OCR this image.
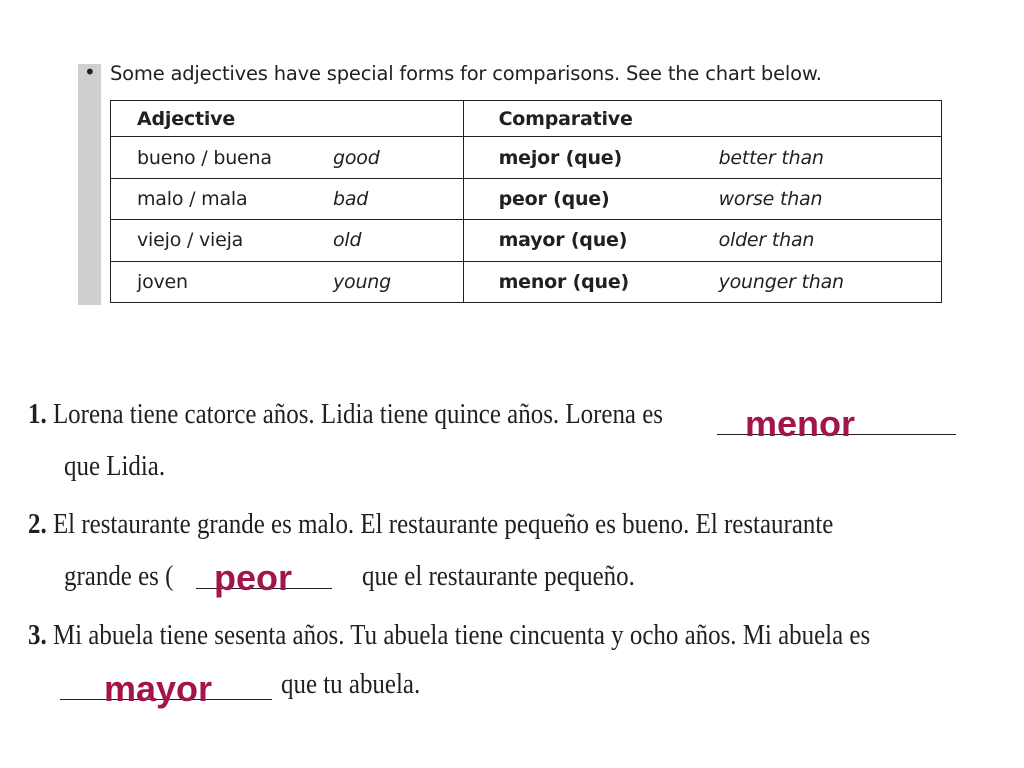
• Some adjectives have special forms for comparisons. See the chart below.
Adjective	Comparative
bueno / buena good	mejor (que) better than
malo / mala bad	peor (que) worse than
viejo / vieja old	mayor (que) older than
joven young	menor (que) younger than
1. Lorena tiene catorce años. Lidia tiene quince años. Lorena es menor
que Lidia.
2. El restaurante grande es malo. El restaurante pequeño es bueno. El restaurante
grande es ( peor que el restaurante pequeño.
3. Mi abuela tiene sesenta años. Tu abuela tiene cincuenta y ocho años. Mi abuela es
mayor que tu abuela.
